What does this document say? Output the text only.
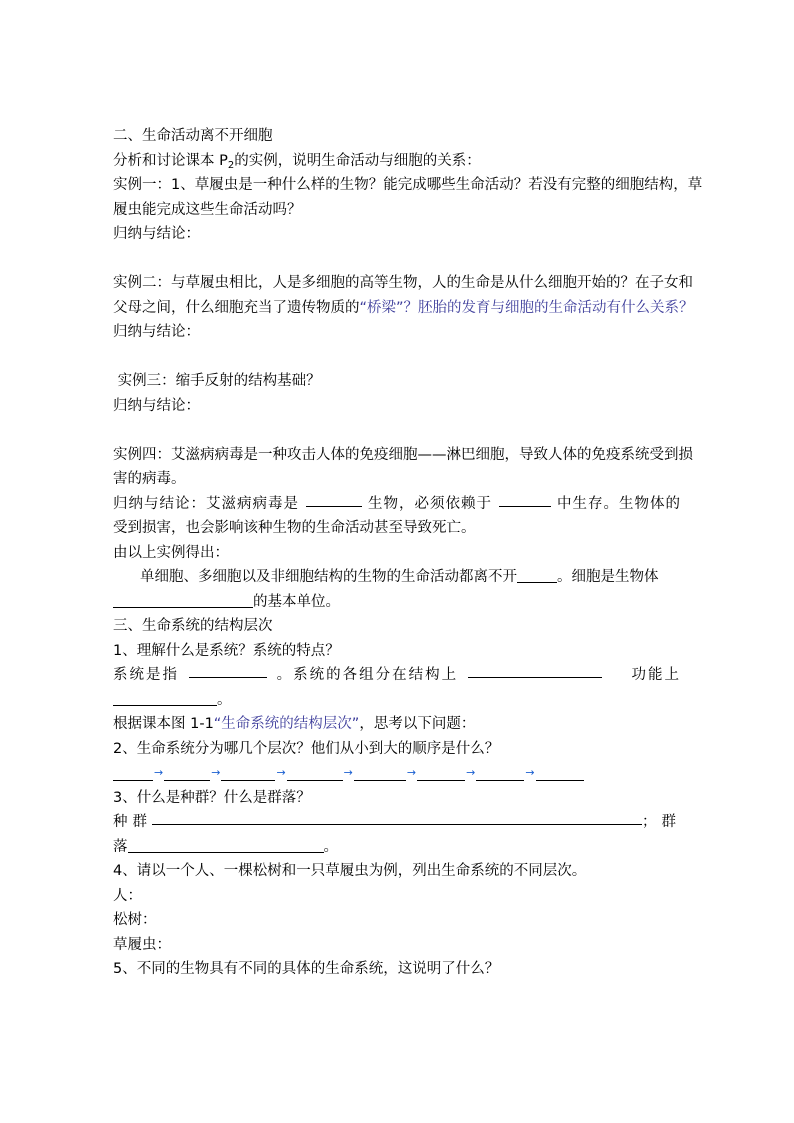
二、生命活动离不开细胞
分析和讨论课本 $P_2$的实例，说明生命活动与细胞的关系：
实例一：1、草履虫是一种什么样的生物？能完成哪些生命活动？若没有完整的细胞结构，草
履虫能完成这些生命活动吗？
归纳与结论：
实例二：与草履虫相比，人是多细胞的高等生物，人的生命是从什么细胞开始的？在子女和
父母之间，什么细胞充当了遗传物质的“桥梁”？胚胎的发育与细胞的生命活动有什么关系？
归纳与结论：
实例三：缩手反射的结构基础？
归纳与结论：
实例四：艾滋病病毒是一种攻击人体的免疫细胞——淋巴细胞，导致人体的免疫系统受到损
害的病毒。
归纳与结论：艾滋病病毒是	生物，必须依赖于	中生存。生物体的
受到损害，也会影响该种生物的生命活动甚至导致死亡。
由以上实例得出：
单细胞、多细胞以及非细胞结构的生物的生命活动都离不开	。细胞是生物体
的基本单位。
三、生命系统的结构层次
1、理解什么是系统？系统的特点？
系统是指	。系统的各组分在结构上	功能上
。
根据课本图 1-1“生命系统的结构层次”，思考以下问题：
2、生命系统分为哪几个层次？他们从小到大的顺序是什么？
→	→	→	→	→	→	→
3、什么是种群？什么是群落？
种群	；群
落	。
4、请以一个人、一棵松树和一只草履虫为例，列出生命系统的不同层次。
人：
松树：
草履虫：
5、不同的生物具有不同的具体的生命系统，这说明了什么？
